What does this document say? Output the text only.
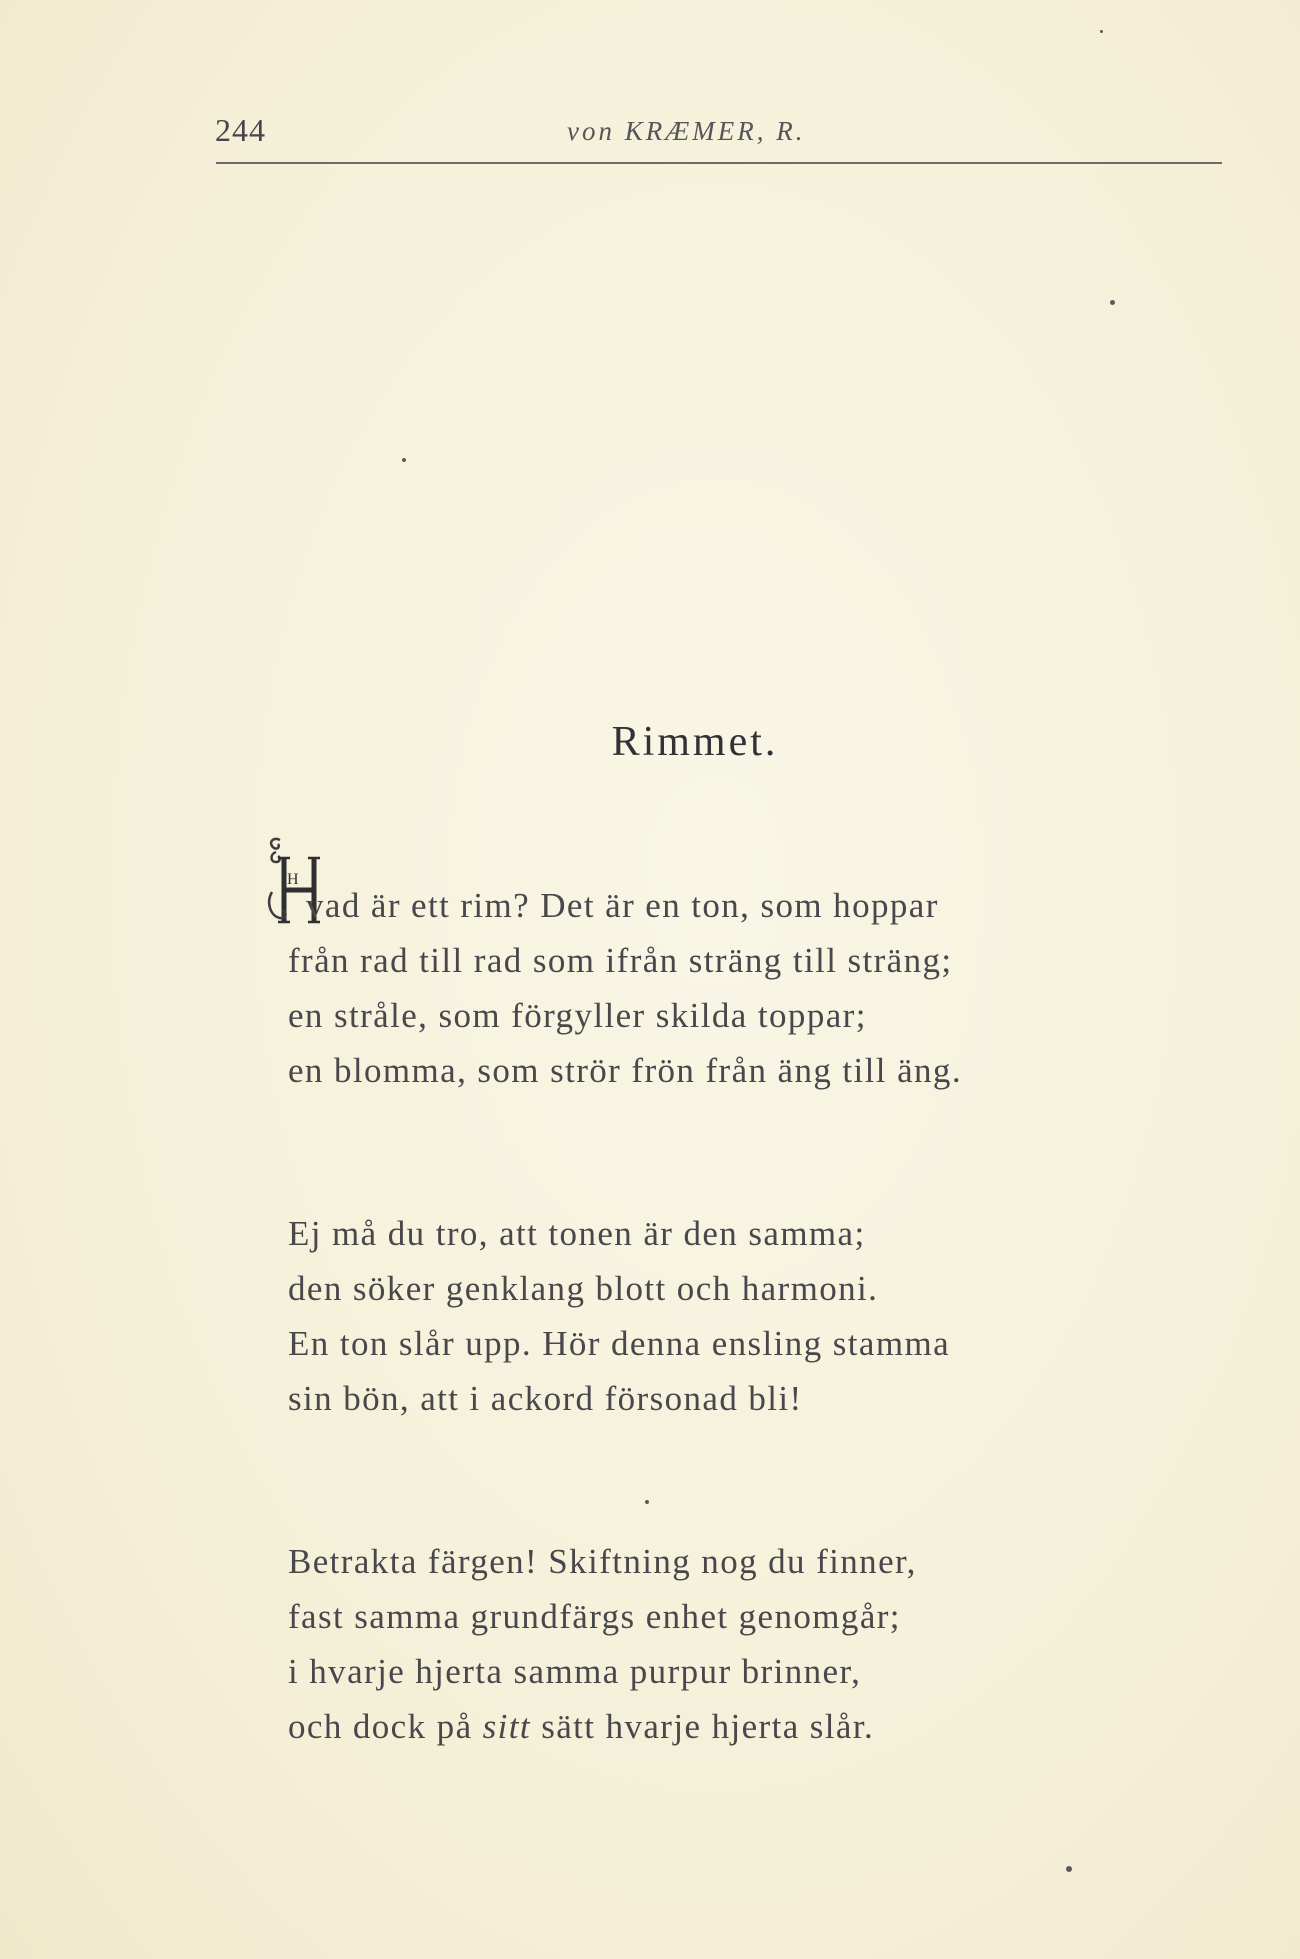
244	von KRÆMER, R.
Rimmet.
H
vad är ett rim? Det är en ton, som hoppar
från rad till rad som ifrån sträng till sträng;
en stråle, som förgyller skilda toppar;
en blomma, som strör frön från äng till äng.
Ej må du tro, att tonen är den samma;
den söker genklang blott och harmoni.
En ton slår upp. Hör denna ensling stamma
sin bön, att i ackord försonad bli!
Betrakta färgen! Skiftning nog du finner,
fast samma grundfärgs enhet genomgår;
i hvarje hjerta samma purpur brinner,
och dock på sitt sätt hvarje hjerta slår.
